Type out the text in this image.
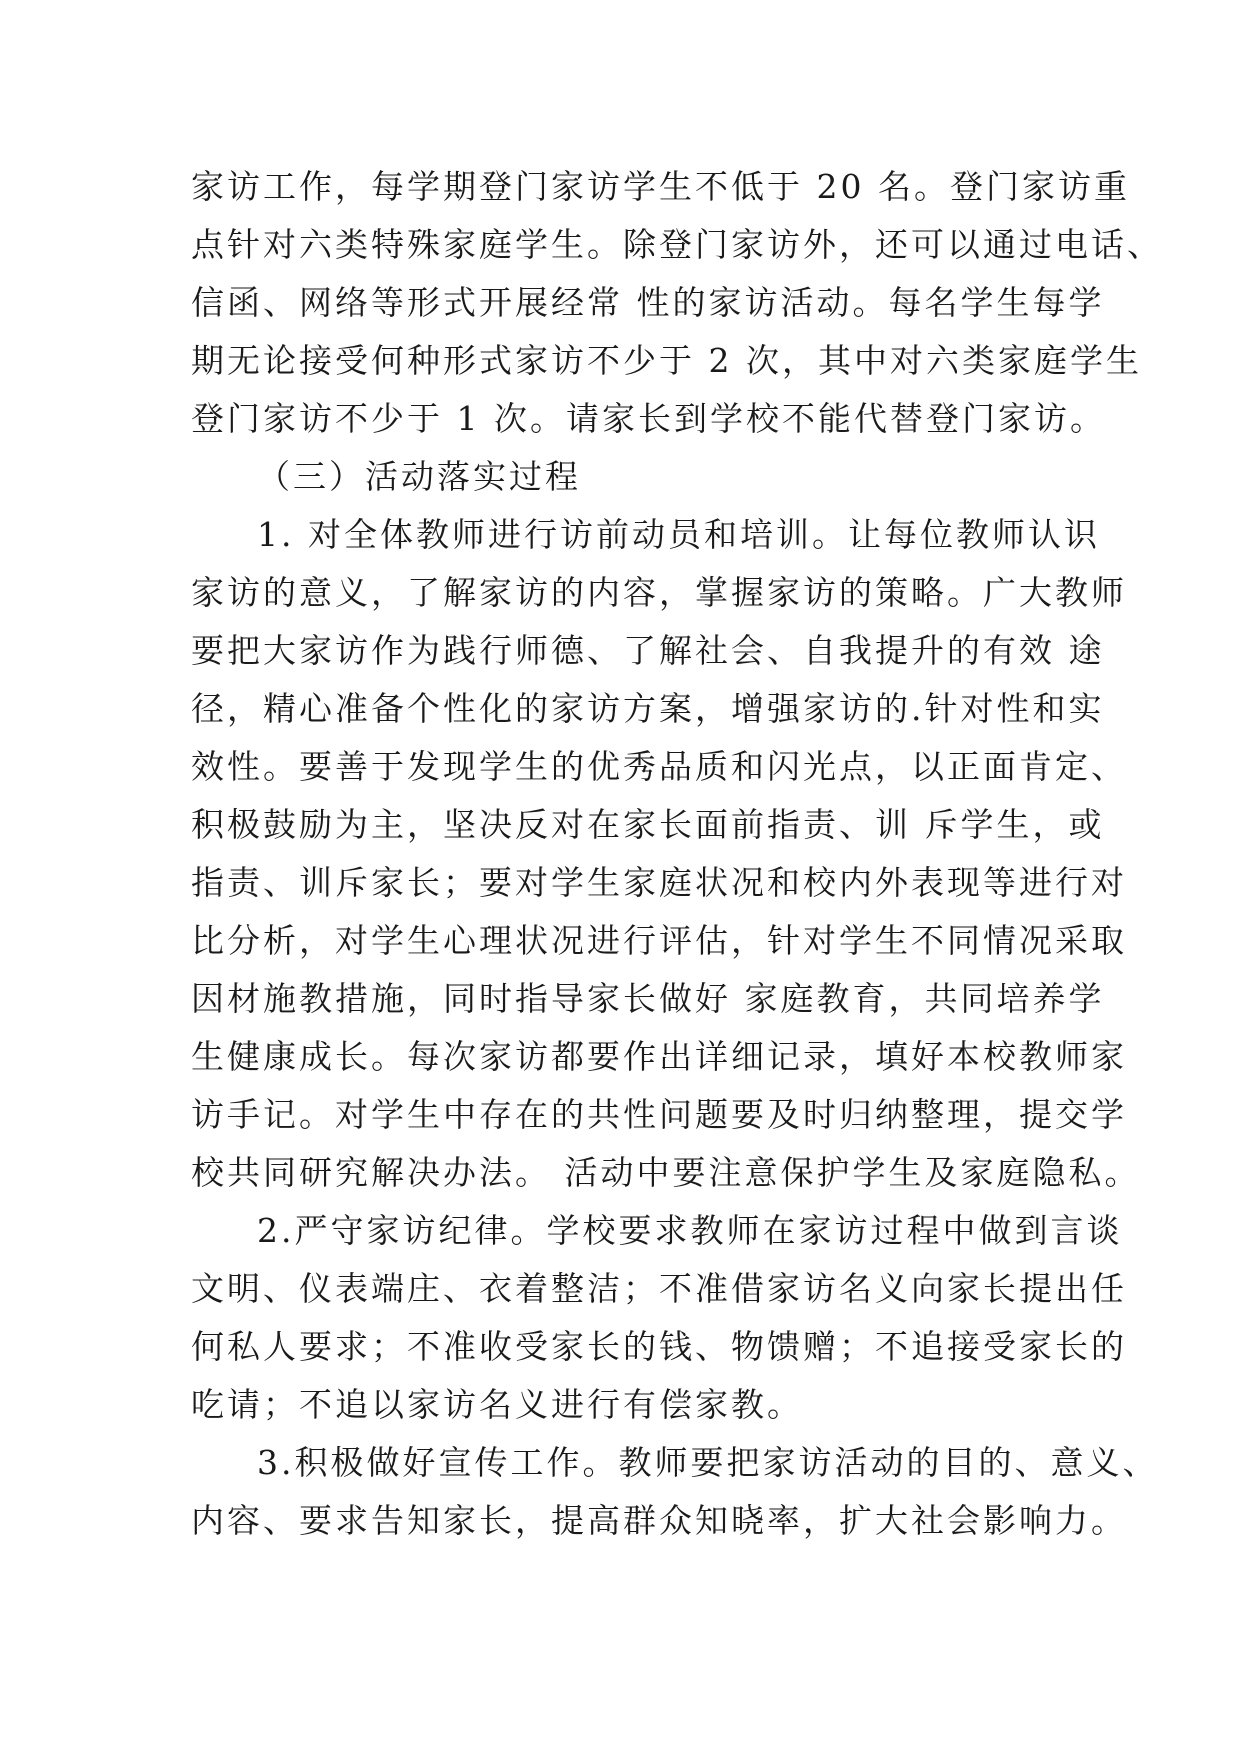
家访工作，每学期登门家访学生不低于 20 名。登门家访重
点针对六类特殊家庭学生。除登门家访外，还可以通过电话、
信函、网络等形式开展经常 性的家访活动。每名学生每学
期无论接受何种形式家访不少于 2 次，其中对六类家庭学生
登门家访不少于 1 次。请家长到学校不能代替登门家访。
（三）活动落实过程
1. 对全体教师进行访前动员和培训。让每位教师认识
家访的意义，了解家访的内容，掌握家访的策略。广大教师
要把大家访作为践行师德、了解社会、自我提升的有效 途
径，精心准备个性化的家访方案，增强家访的.针对性和实
效性。要善于发现学生的优秀品质和闪光点，以正面肯定、
积极鼓励为主，坚决反对在家长面前指责、训 斥学生，或
指责、训斥家长；要对学生家庭状况和校内外表现等进行对
比分析，对学生心理状况进行评估，针对学生不同情况采取
因材施教措施，同时指导家长做好 家庭教育，共同培养学
生健康成长。每次家访都要作出详细记录，填好本校教师家
访手记。对学生中存在的共性问题要及时归纳整理，提交学
校共同研究解决办法。 活动中要注意保护学生及家庭隐私。
2.严守家访纪律。学校要求教师在家访过程中做到言谈
文明、仪表端庄、衣着整洁；不准借家访名义向家长提出任
何私人要求；不准收受家长的钱、物馈赠；不追接受家长的
吃请；不追以家访名义进行有偿家教。
3.积极做好宣传工作。教师要把家访活动的目的、意义、
内容、要求告知家长，提高群众知晓率，扩大社会影响力。
